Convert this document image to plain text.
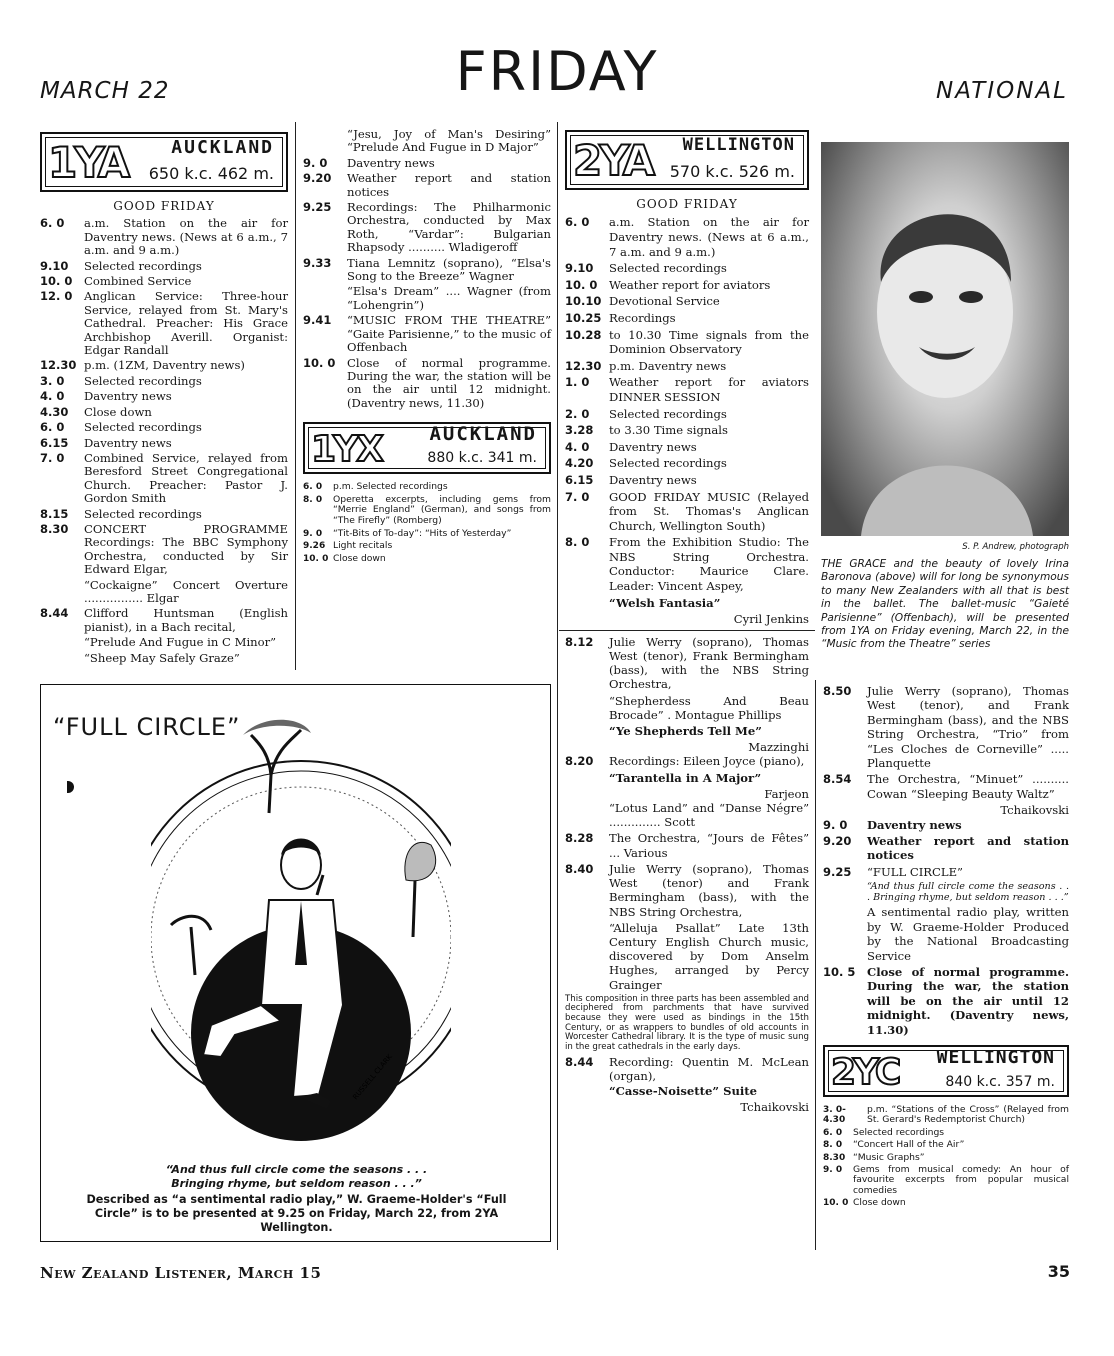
FRIDAY
MARCH 22	NATIONAL
1YA AUCKLAND
650 k.c. 462 m.
GOOD FRIDAY
6. 0	a.m. Station on the air for Daventry news. (News at 6 a.m., 7 a.m. and 9 a.m.)
9.10	Selected recordings
10. 0	Combined Service
12. 0	Anglican Service: Three-hour Service, relayed from St. Mary's Cathedral. Preacher: His Grace Archbishop Averill. Organist: Edgar Randall
12.30 p.m. (1ZM, Daventry news)
3. 0	Selected recordings
4. 0	Daventry news
4.30	Close down
6. 0	Selected recordings
6.15	Daventry news
7. 0	Combined Service, relayed from Beresford Street Congregational Church. Preacher: Pastor J. Gordon Smith
8.15	Selected recordings
8.30	CONCERT PROGRAMME Recordings: The BBC Symphony Orchestra, conducted by Sir Edward Elgar,
“Cockaigne” Concert Overture ................ Elgar
8.44	Clifford Huntsman (English pianist), in a Bach recital,
“Prelude And Fugue in C Minor”
“Sheep May Safely Graze”
“Jesu, Joy of Man's Desiring” “Prelude And Fugue in D Major”
9. 0	Daventry news
9.20	Weather report and station notices
9.25	Recordings: The Philharmonic Orchestra, conducted by Max Roth, “Vardar”: Bulgarian Rhapsody .......... Wladigeroff
9.33	Tiana Lemnitz (soprano), “Elsa's Song to the Breeze” Wagner
“Elsa's Dream” .... Wagner (from “Lohengrin”)
9.41	“MUSIC FROM THE THEATRE” “Gaite Parisienne,” to the music of Offenbach
10. 0	Close of normal programme. During the war, the station will be on the air until 12 midnight. (Daventry news, 11.30)
1YX	AUCKLAND
880 k.c. 341 m.
6. 0	p.m. Selected recordings
8. 0	Operetta excerpts, including gems from “Merrie England” (German), and songs from “The Firefly” (Romberg)
9. 0	“Tit-Bits of To-day”: “Hits of Yesterday”
9.26 Light recitals
10. 0 Close down
“FULL CIRCLE”
RUSSELL CLARK
“And thus full circle come the seasons . . .
Bringing rhyme, but seldom reason . . .”
Described as “a sentimental radio play,” W. Graeme-Holder's “Full Circle” is to be presented at 9.25 on Friday, March 22, from 2YA Wellington.
2YA WELLINGTON
570 k.c. 526 m.
GOOD FRIDAY
6. 0	a.m. Station on the air for Daventry news. (News at 6 a.m., 7 a.m. and 9 a.m.)
9.10	Selected recordings
10. 0	Weather report for aviators
10.10 Devotional Service
10.25 Recordings
10.28 to 10.30 Time signals from the Dominion Observatory
12.30 p.m. Daventry news
1. 0	Weather report for aviators DINNER SESSION
2. 0	Selected recordings
3.28	to 3.30 Time signals
4. 0	Daventry news
4.20	Selected recordings
6.15	Daventry news
7. 0	GOOD FRIDAY MUSIC (Relayed from St. Thomas's Anglican Church, Wellington South)
8. 0	From the Exhibition Studio: The NBS String Orchestra. Conductor: Maurice Clare. Leader: Vincent Aspey,
“Welsh Fantasia”
Cyril Jenkins
8.12	Julie Werry (soprano), Thomas West (tenor), Frank Bermingham (bass), with the NBS String Orchestra,
“Shepherdess And Beau Brocade” . Montague Phillips
“Ye Shepherds Tell Me”
Mazzinghi
8.20	Recordings: Eileen Joyce (piano),
“Tarantella in A Major”
Farjeon
“Lotus Land” and “Danse Négre” .............. Scott
8.28	The Orchestra, “Jours de Fêtes” ... Various
8.40	Julie Werry (soprano), Thomas West (tenor) and Frank Bermingham (bass), with the NBS String Orchestra,
“Alleluja Psallat” Late 13th Century English Church music, discovered by Dom Anselm Hughes, arranged by Percy Grainger
This composition in three parts has been assembled and deciphered from parchments that have survived because they were used as bindings in the 15th Century, or as wrappers to bundles of old accounts in Worcester Cathedral library. It is the type of music sung in the great cathedrals in the early days.
8.44	Recording: Quentin M. McLean (organ),
“Casse-Noisette” Suite
Tchaikovski
S. P. Andrew, photograph
THE GRACE and the beauty of lovely Irina Baronova (above) will for long be synonymous to many New Zealanders with all that is best in the ballet. The ballet-music “Gaieté Parisienne” (Offenbach), will be presented from 1YA on Friday evening, March 22, in the “Music from the Theatre” series
8.50	Julie Werry (soprano), Thomas West (tenor), and Frank Bermingham (bass), and the NBS String Orchestra, “Trio” from “Les Cloches de Corneville” ..... Planquette
8.54	The Orchestra, “Minuet” .......... Cowan “Sleeping Beauty Waltz”
Tchaikovski
9. 0	Daventry news
9.20	Weather report and station notices
9.25	“FULL CIRCLE”
“And thus full circle come the seasons . . . Bringing rhyme, but seldom reason . . .”
A sentimental radio play, written by W. Graeme-Holder Produced by the National Broadcasting Service
10. 5	Close of normal programme. During the war, the station will be on the air until 12 midnight. (Daventry news, 11.30)
2YC WELLINGTON
840 k.c. 357 m.
3. 0-4.30
p.m. “Stations of the Cross” (Relayed from St. Gerard's Redemptorist Church)
6. 0	Selected recordings
8. 0	“Concert Hall of the Air”
8.30 “Music Graphs”
9. 0	Gems from musical comedy: An hour of favourite excerpts from popular musical comedies
10. 0 Close down
New Zealand Listener, March 15	35
